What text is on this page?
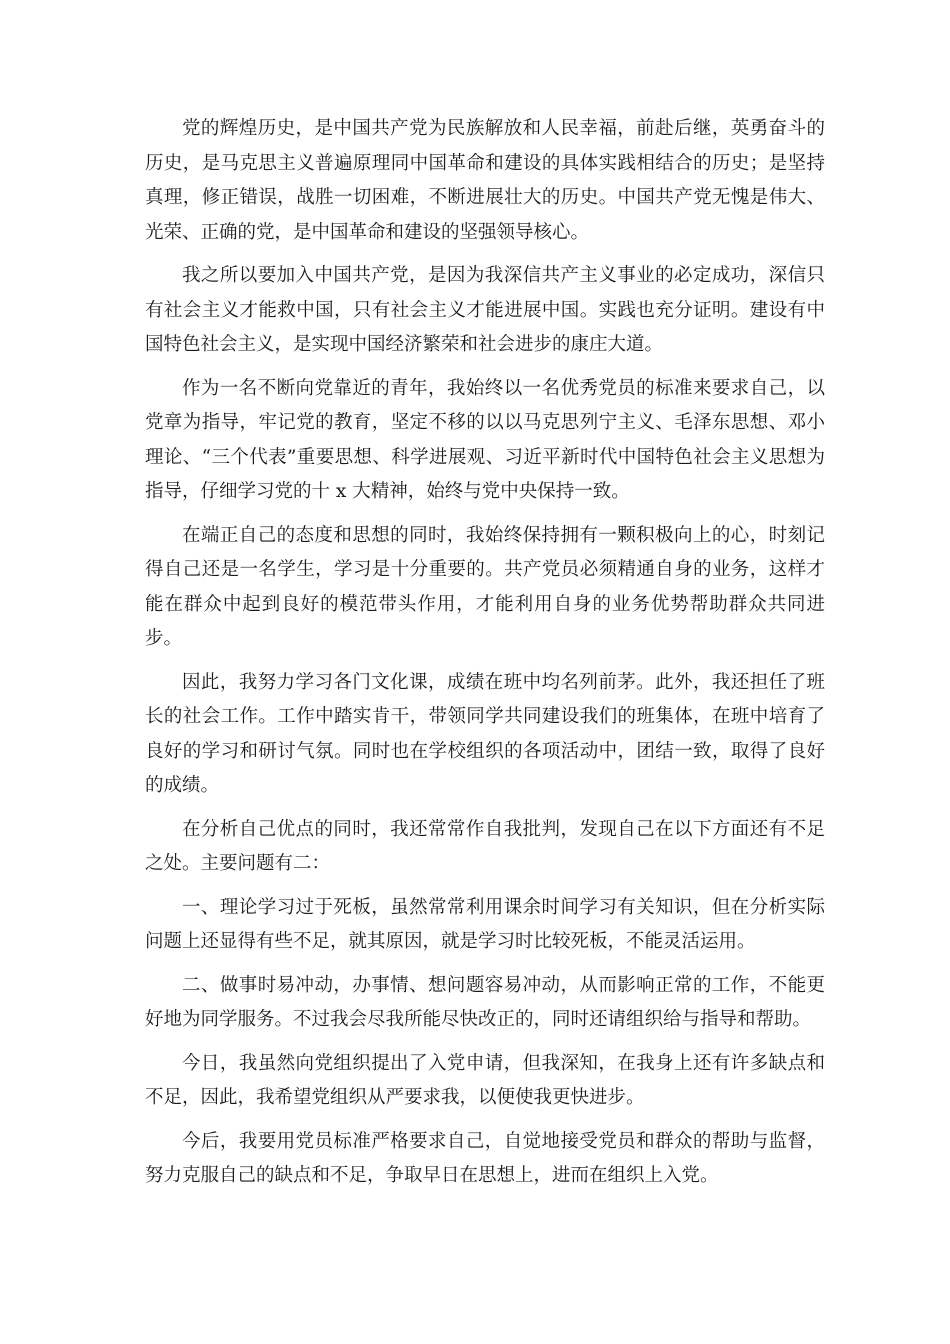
党的辉煌历史，是中国共产党为民族解放和人民幸福，前赴后继，英勇奋斗的历史，是马克思主义普遍原理同中国革命和建设的具体实践相结合的历史；是坚持真理，修正错误，战胜一切困难，不断进展壮大的历史。中国共产党无愧是伟大、光荣、正确的党，是中国革命和建设的坚强领导核心。

我之所以要加入中国共产党，是因为我深信共产主义事业的必定成功，深信只有社会主义才能救中国，只有社会主义才能进展中国。实践也充分证明。建设有中国特色社会主义，是实现中国经济繁荣和社会进步的康庄大道。

作为一名不断向党靠近的青年，我始终以一名优秀党员的标准来要求自己，以党章为指导，牢记党的教育，坚定不移的以以马克思列宁主义、毛泽东思想、邓小理论、“三个代表”重要思想、科学进展观、习近平新时代中国特色社会主义思想为指导，仔细学习党的十 x 大精神，始终与党中央保持一致。

在端正自己的态度和思想的同时，我始终保持拥有一颗积极向上的心，时刻记得自己还是一名学生，学习是十分重要的。共产党员必须精通自身的业务，这样才能在群众中起到良好的模范带头作用，才能利用自身的业务优势帮助群众共同进步。

因此，我努力学习各门文化课，成绩在班中均名列前茅。此外，我还担任了班长的社会工作。工作中踏实肯干，带领同学共同建设我们的班集体，在班中培育了良好的学习和研讨气氛。同时也在学校组织的各项活动中，团结一致，取得了良好的成绩。

在分析自己优点的同时，我还常常作自我批判，发现自己在以下方面还有不足之处。主要问题有二：

一、理论学习过于死板，虽然常常利用课余时间学习有关知识，但在分析实际问题上还显得有些不足，就其原因，就是学习时比较死板，不能灵活运用。

二、做事时易冲动，办事情、想问题容易冲动，从而影响正常的工作，不能更好地为同学服务。不过我会尽我所能尽快改正的，同时还请组织给与指导和帮助。

今日，我虽然向党组织提出了入党申请，但我深知，在我身上还有许多缺点和不足，因此，我希望党组织从严要求我，以便使我更快进步。

今后，我要用党员标准严格要求自己，自觉地接受党员和群众的帮助与监督，努力克服自己的缺点和不足，争取早日在思想上，进而在组织上入党。
